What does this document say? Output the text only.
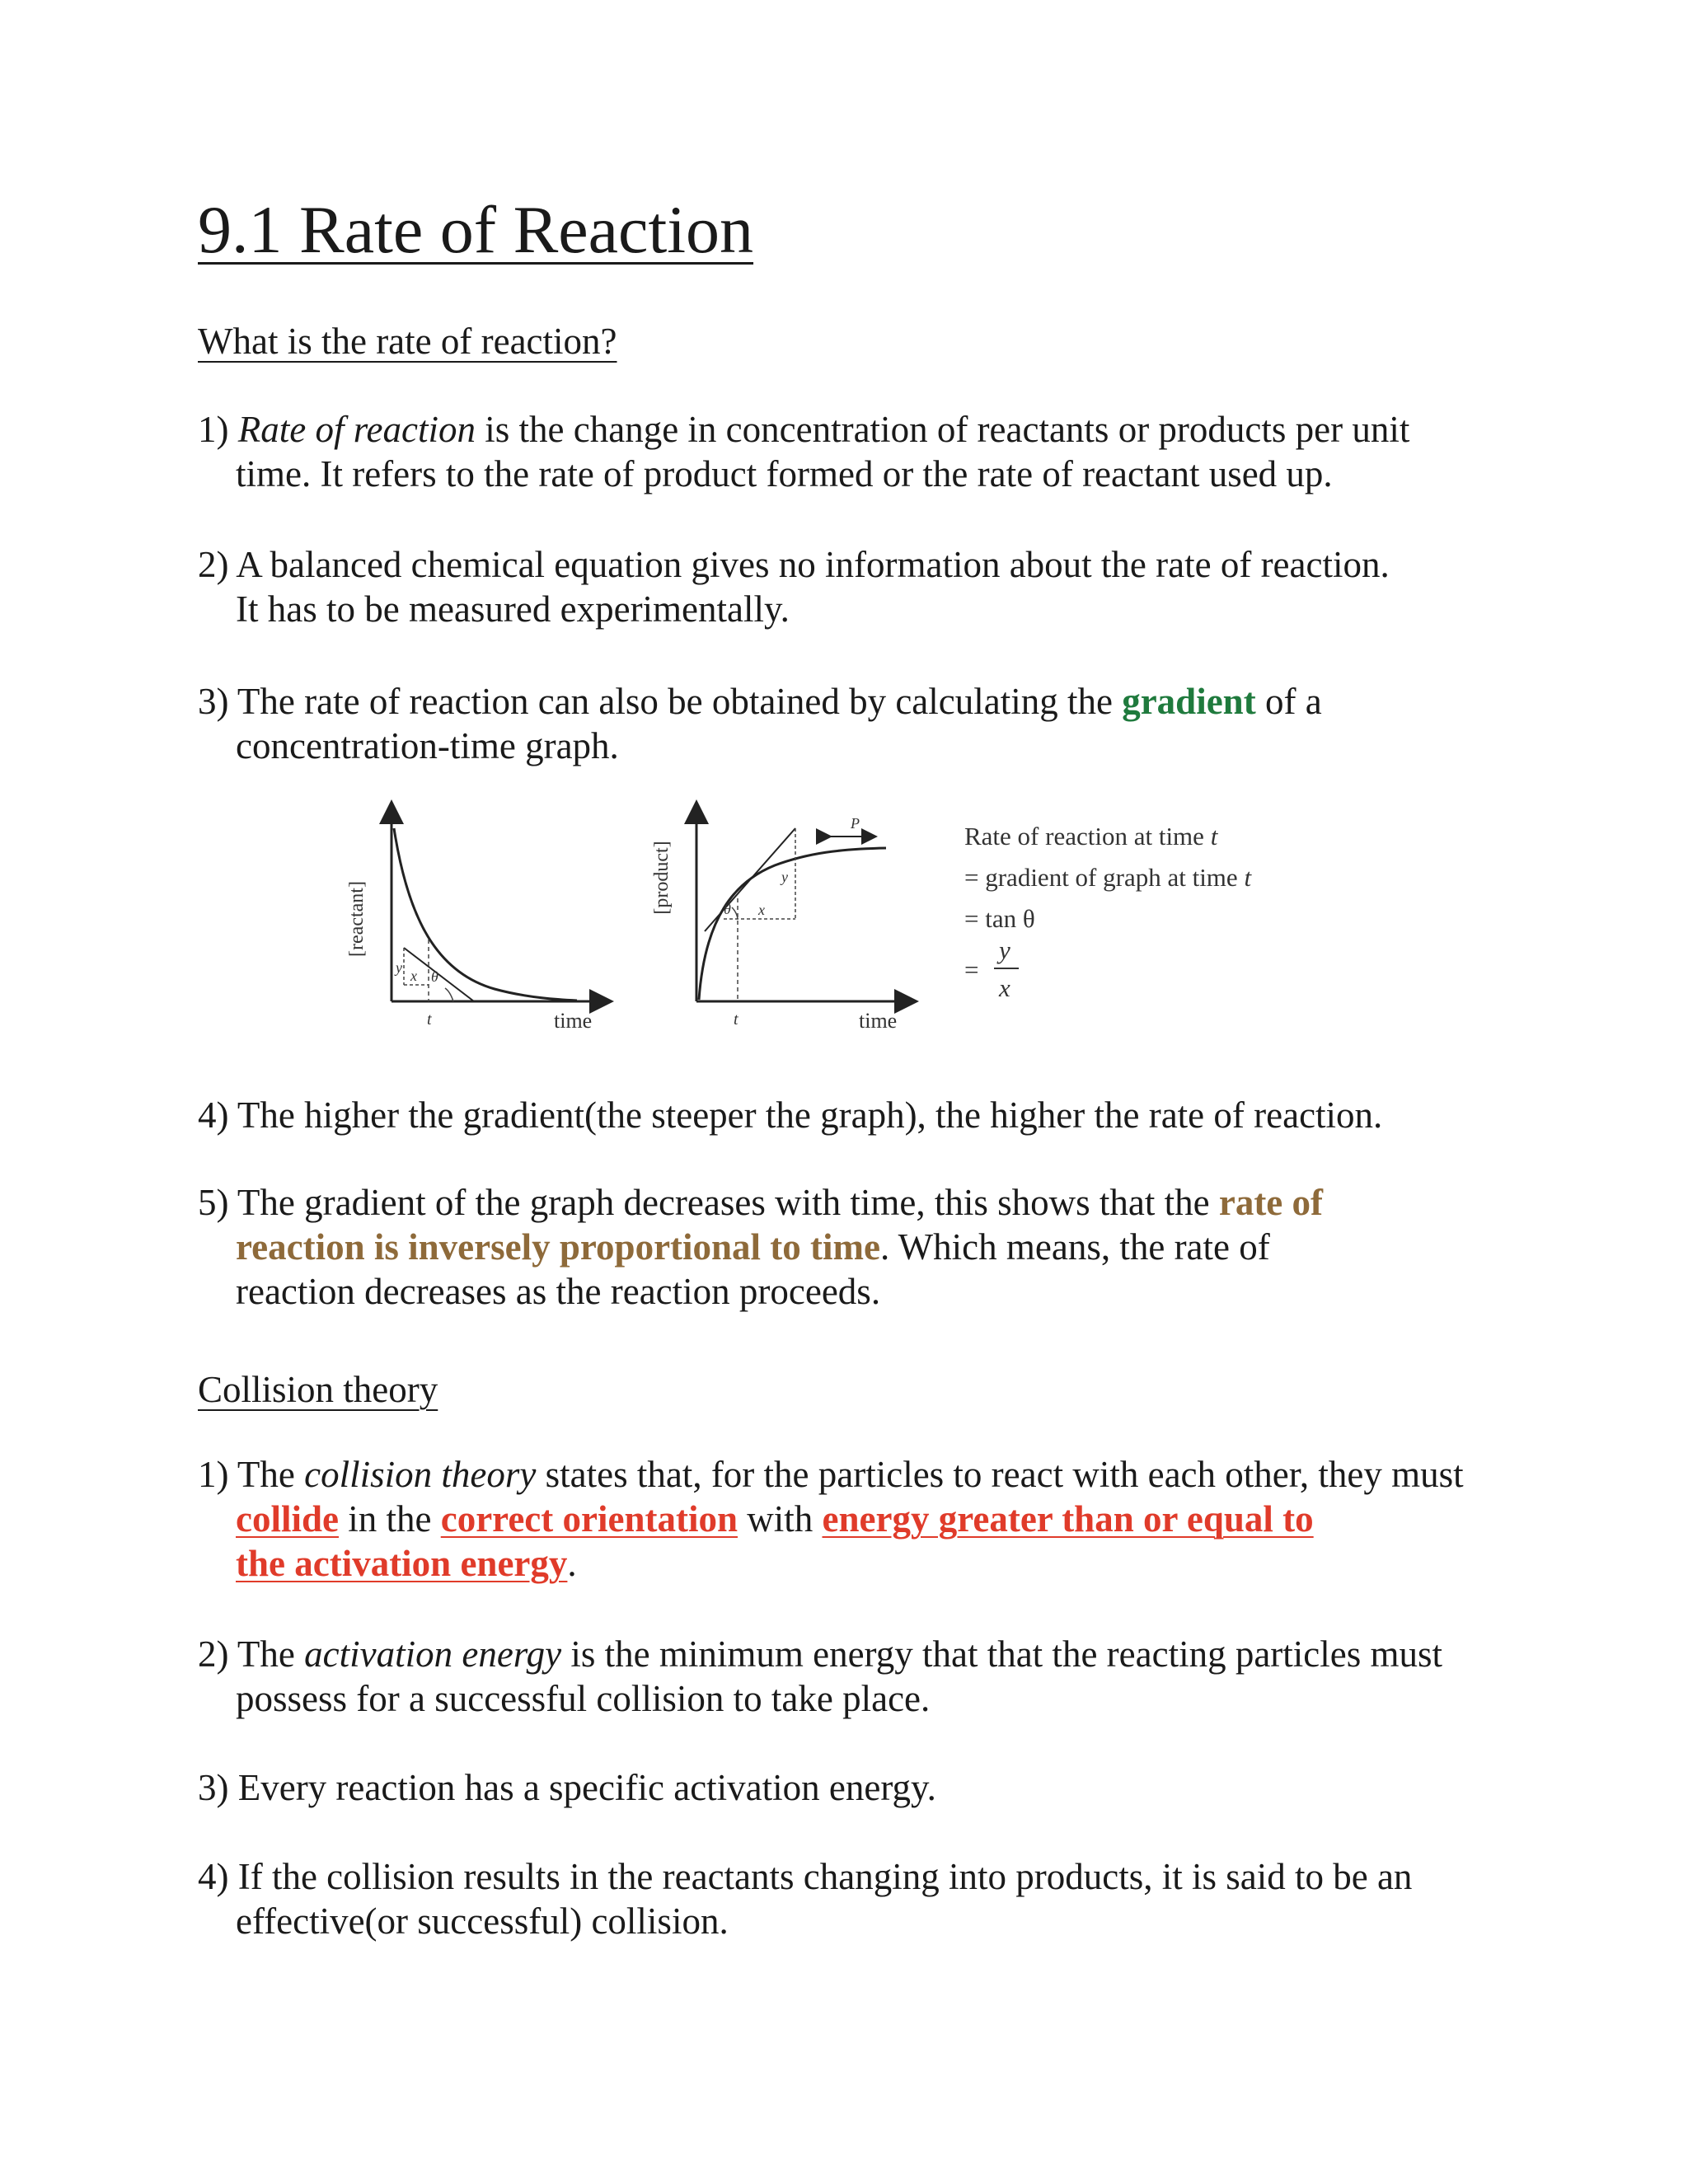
9.1 Rate of Reaction
What is the rate of reaction?

1) Rate of reaction is the change in concentration of reactants or products per unit
time. It refers to the rate of product formed or the rate of reactant used up.

2) A balanced chemical equation gives no information about the rate of reaction.
It has to be measured experimentally.

3) The rate of reaction can also be obtained by calculating the gradient of a
concentration-time graph.

[reactant]
y x θ
t	time
P
[product]	θ x
y
t	time
Rate of reaction at time t
= gradient of graph at time t
= tan θ
=
y
x

4) The higher the gradient(the steeper the graph), the higher the rate of reaction.

5) The gradient of the graph decreases with time, this shows that the rate of
reaction is inversely proportional to time. Which means, the rate of
reaction decreases as the reaction proceeds.

Collision theory

1) The collision theory states that, for the particles to react with each other, they must
collide in the correct orientation with energy greater than or equal to
the activation energy.

2) The activation energy is the minimum energy that that the reacting particles must
possess for a successful collision to take place.

3) Every reaction has a specific activation energy.

4) If the collision results in the reactants changing into products, it is said to be an
effective(or successful) collision.
